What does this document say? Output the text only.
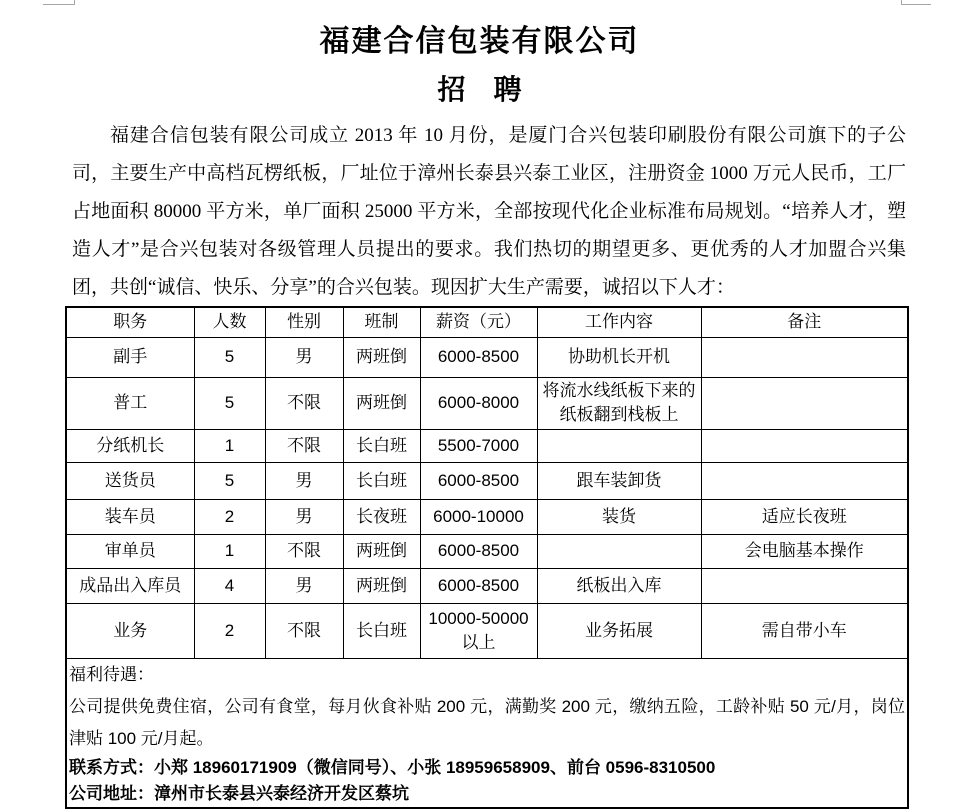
福建合信包装有限公司
招　聘

福建合信包装有限公司成立 2013 年 10 月份，是厦门合兴包装印刷股份有限公司旗下的子公司，主要生产中高档瓦楞纸板，厂址位于漳州长泰县兴泰工业区，注册资金 1000 万元人民币，工厂占地面积 80000 平方米，单厂面积 25000 平方米，全部按现代化企业标准布局规划。“培养人才，塑造人才”是合兴包装对各级管理人员提出的要求。我们热切的期望更多、更优秀的人才加盟合兴集团，共创“诚信、快乐、分享”的合兴包装。现因扩大生产需要，诚招以下人才：

职务	人数	性别	班制	薪资（元）	工作内容	备注
副手	5	男	两班倒	6000-8500	协助机长开机	
普工	5	不限	两班倒	6000-8000	将流水线纸板下来的纸板翻到栈板上	
分纸机长	1	不限	长白班	5500-7000		
送货员	5	男	长白班	6000-8500	跟车装卸货	
装车员	2	男	长夜班	6000-10000	装货	适应长夜班
审单员	1	不限	两班倒	6000-8500		会电脑基本操作
成品出入库员	4	男	两班倒	6000-8500	纸板出入库	
业务	2	不限	长白班	10000-50000以上	业务拓展	需自带小车

福利待遇：

公司提供免费住宿，公司有食堂，每月伙食补贴 200 元，满勤奖 200 元，缴纳五险，工龄补贴 50 元/月，岗位津贴 100 元/月起。

联系方式：小郑 18960171909（微信同号）、小张 18959658909、前台 0596-8310500

公司地址：漳州市长泰县兴泰经济开发区蔡坑						
